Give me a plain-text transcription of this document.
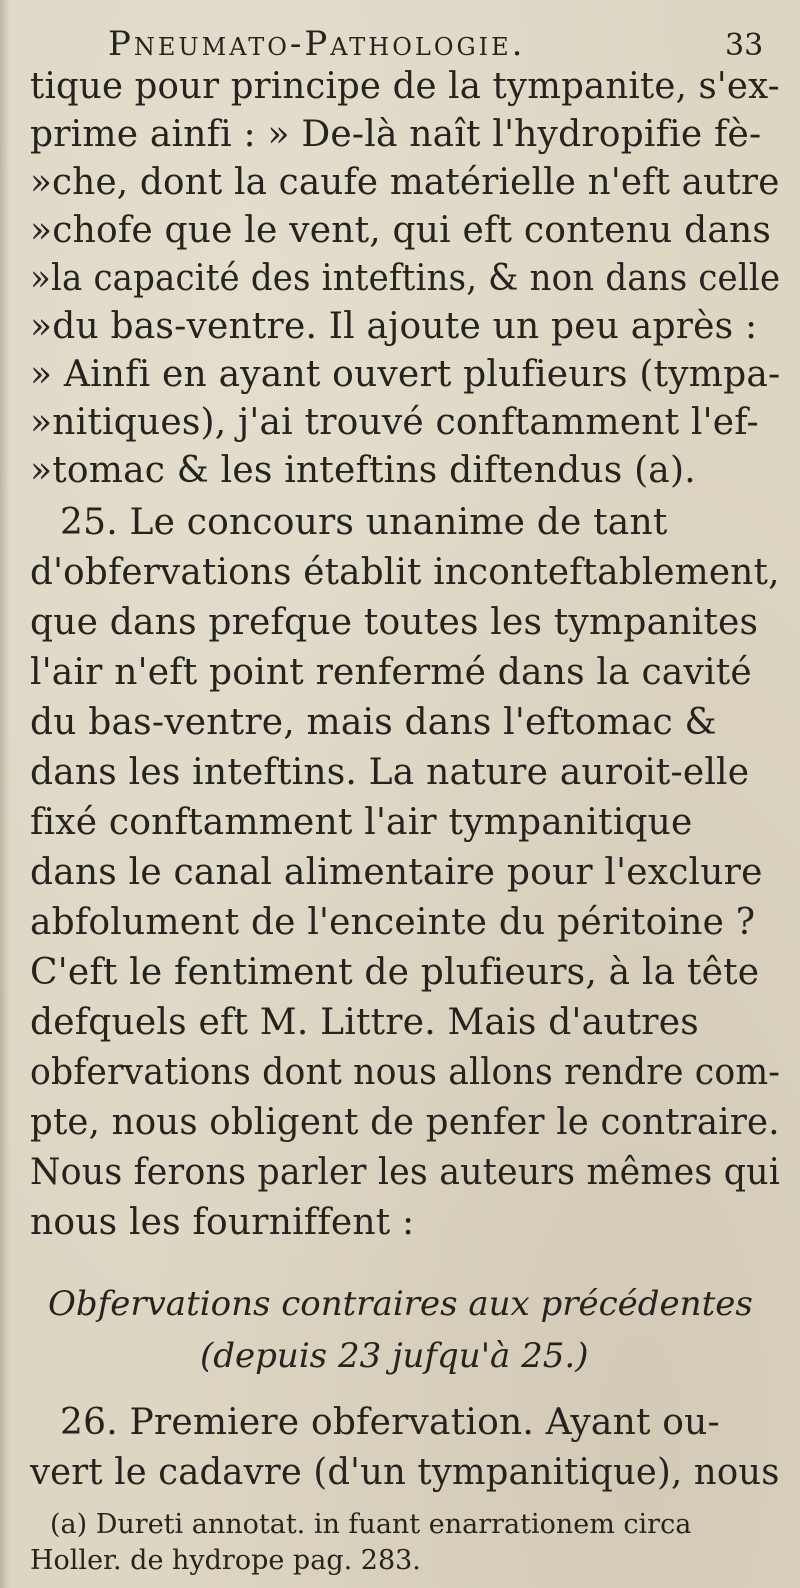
Pneumato-Pathologie.	33
tique pour principe de la tympanite, s'ex-
prime ainfi : » De-là naît l'hydropifie fè-
»che, dont la caufe matérielle n'eft autre
»chofe que le vent, qui eft contenu dans
»la capacité des inteftins, & non dans celle
»du bas-ventre. Il ajoute un peu après :
» Ainfi en ayant ouvert plufieurs (tympa-
»nitiques), j'ai trouvé conftamment l'ef-
»tomac & les inteftins diftendus (a).
25. Le concours unanime de tant
d'obfervations établit inconteftablement,
que dans prefque toutes les tympanites
l'air n'eft point renfermé dans la cavité
du bas-ventre, mais dans l'eftomac &
dans les inteftins. La nature auroit-elle
fixé conftamment l'air tympanitique
dans le canal alimentaire pour l'exclure
abfolument de l'enceinte du péritoine ?
C'eft le fentiment de plufieurs, à la tête
defquels eft M. Littre. Mais d'autres
obfervations dont nous allons rendre com-
pte, nous obligent de penfer le contraire.
Nous ferons parler les auteurs mêmes qui
nous les fourniffent :
Obfervations contraires aux précédentes
(depuis 23 jufqu'à 25.)
26. Premiere obfervation. Ayant ou-
vert le cadavre (d'un tympanitique), nous
(a) Dureti annotat. in fuant enarrationem circa
Holler. de hydrope pag. 283.
